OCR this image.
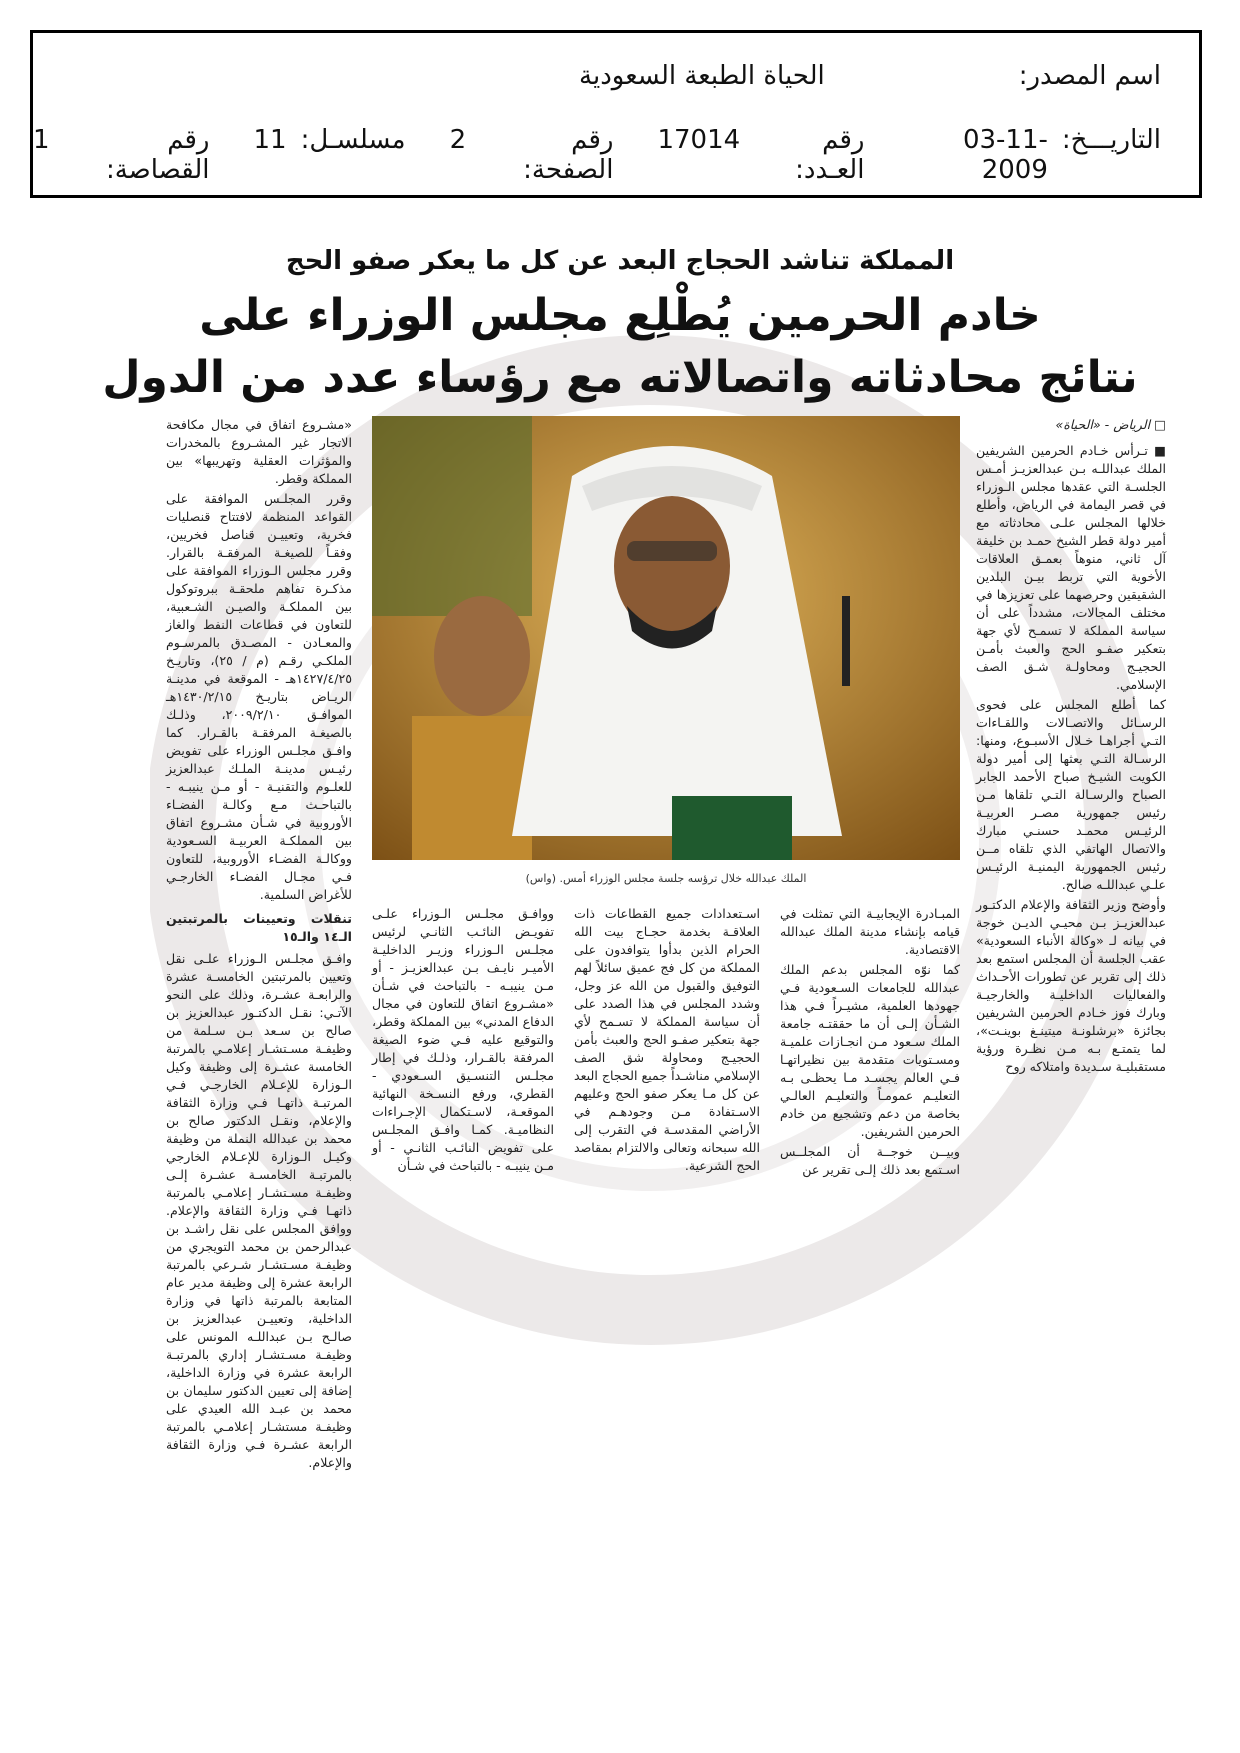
اسم المصدر:
الحياة الطبعة السعودية
التاريـــخ:
03-11-2009
رقم العـدد:
17014
رقم الصفحة:
2
مسلسـل:
11
رقم القصاصة:
1
المملكة تناشد الحجاج البعد عن كل ما يعكر صفو الحج
خادم الحرمين يُطْلِع مجلس الوزراء على
نتائج محادثاته واتصالاته مع رؤساء عدد من الدول
الملك عبدالله خلال ترؤسه جلسة مجلس الوزراء أمس. (واس)
□ الرياض - «الحياة»

■ تـرأس خـادم الحرمين الشريفين الملك عبداللـه بـن عبدالعزيـز أمـس الجلسـة التي عقدها مجلس الـوزراء في قصر اليمامة في الرياض، وأطلع خلالها المجلس علـى محادثاته مع أمير دولة قطر الشيخ حمـد بن خليفة آل ثاني، منوهاً بعمـق العلاقات الأخوية التي تربط بيـن البلدين الشقيقين وحرصهما على تعزيزها في مختلف المجالات، مشدداً على أن سياسة المملكة لا تسمـح لأي جهة بتعكير صفـو الحج والعبث بأمـن الحجيـج ومحاولـة شـق الصف الإسلامي.

كما أطلع المجلس على فحوى الرسـائل والاتصـالات واللقـاءات التـي أجراهـا خـلال الأسبـوع، ومنها: الرسـالة التـي بعثها إلى أمير دولة الكويت الشيـخ صباح الأحمد الجابر الصباح والرسـالة التـي تلقاها مـن رئيس جمهورية مصـر العربيـة الرئيـس محمـد حسنـي مبارك والاتصال الهاتفي الذي تلقاه مــن رئيس الجمهورية اليمنيـة الرئيـس علـي عبداللـه صالح.

وأوضح وزير الثقافة والإعلام الدكتـور عبدالعزيـز بـن محيـي الديـن خوجة في بيانه لـ «وكالة الأنباء السعودية» عقب الجلسة أن المجلس استمع بعد ذلك إلى تقرير عن تطورات الأحـداث والفعاليات الداخليـة والخارجيـة وبارك فوز خـادم الحرمين الشريفين بجائزة «برشلونـة ميتينـغ بوينـت»، لما يتمتـع بـه مـن نظـرة ورؤية مستقبليـة سـديدة وامتلاكه روح

المبـادرة الإيجابيـة التي تمثلت في قيامه بإنشاء مدينة الملك عبدالله الاقتصادية.

كما نوّه المجلس بدعم الملك عبدالله للجامعات السـعودية فـي جهودها العلمية، مشيـراً فـي هذا الشـأن إلـى أن ما حققتـه جامعة الملك سـعود مـن انجـازات علميـة ومسـتويات متقدمة بين نظيراتهـا فـي العالم يجسـد مـا يحظـى بـه التعليـم عمومـاً والتعليـم العالـي بخاصة من دعم وتشجيع من خادم الحرمين الشريفين.

وبيــن خوجــة أن المجلــس اسـتمع بعد ذلك إلـى تقرير عن

اسـتعدادات جميع القطاعات ذات العلاقـة بخدمة حجـاج بيت الله الحرام الذين بدأوا يتوافدون على المملكة من كل فج عميق سائلاً لهم التوفيق والقبول من الله عز وجل، وشدد المجلس في هذا الصدد على أن سياسة المملكة لا تسـمح لأي جهة بتعكير صفـو الحج والعبث بأمن الحجيـج ومحاولة شق الصف الإسلامي مناشـداً جميع الحجاج البعد عن كل مـا يعكر صفو الحج وعليهم الاسـتفادة مـن وجودهـم في الأراضي المقدسـة في التقرب إلى الله سبحانه وتعالى والالتزام بمقاصد الحج الشرعية.

ووافـق مجلـس الـوزراء علـى تفويـض النائـب الثانـي لرئيس مجلـس الـوزراء وزيـر الداخليـة الأميـر نايـف بـن عبدالعزيـز - أو مـن ينيبـه - بالتباحث في شـأن «مشـروع اتفاق للتعاون في مجال الدفاع المدني» بين المملكة وقطر، والتوقيع عليه فـي ضوء الصيغة المرفقة بالقـرار، وذلـك في إطار مجلـس التنسـيق السـعودي - القطري، ورفع النسـخة النهائية الموقعـة، لاسـتكمال الإجـراءات النظاميـة. كمـا وافـق المجلـس على تفويض النائـب الثانـي - أو مـن ينيبـه - بالتباحث في شـأن

«مشـروع اتفاق في مجال مكافحة الاتجار غير المشـروع بالمخدرات والمؤثرات العقلية وتهريبها» بين المملكة وقطر.

وقرر المجلـس الموافقة على القواعد المنظمة لافتتاح قنصليات فخرية، وتعييـن قناصل فخريين، وفقـاً للصيغـة المرفقـة بالقرار. وقرر مجلس الـوزراء الموافقة على مذكـرة تفاهم ملحقـة ببروتوكول بين المملكـة والصيـن الشـعبية، للتعاون في قطاعات النفط والغاز والمعـادن - المصـدق بالمرسـوم الملكـي رقـم (م / ٢٥)، وتاريـخ ١٤٢٧/٤/٢٥هـ - الموقعة في مدينـة الريـاض بتاريـخ ١٤٣٠/٢/١٥هـ الموافـق ٢٠٠٩/٢/١٠، وذلـك بالصيغـة المرفقـة بالقـرار. كما وافـق مجلـس الوزراء على تفويض رئيـس مدينـة الملـك عبدالعزيز للعلـوم والتقنيـة - أو مـن ينيبـه - بالتباحـث مـع وكالـة الفضـاء الأوروبية في شـأن مشـروع اتفاق بين المملكـة العربيـة السـعودية ووكالـة الفضـاء الأوروبية، للتعاون فـي مجـال الفضـاء الخارجـي للأغراض السلمية.

تنقلات وتعيينات بالمرتبتين الـ١٤ والـ١٥

وافـق مجلـس الـوزراء علـى نقل وتعيين بالمرتبتين الخامسـة عشرة والرابعـة عشـرة، وذلك على النحو الآتـي: نقـل الدكتـور عبدالعزيز بن صالح بن سـعد بـن سـلمة من وظيفـة مسـتشـار إعلامـي بالمرتبة الخامسة عشـرة إلى وظيفة وكيل الـوزارة للإعـلام الخارجـي فـي المرتبـة ذاتهـا فـي وزارة الثقافة والإعلام، ونقـل الدكتور صالح بن محمد بن عبدالله النملة من وظيفة وكيـل الـوزارة للإعـلام الخارجي بالمرتبـة الخامسـة عشـرة إلـى وظيفـة مسـتشـار إعلامـي بالمرتبة ذاتهـا فـي وزارة الثقافة والإعلام. ووافق المجلس على نقل راشـد بن عبدالرحمن بن محمد التويجري من وظيفـة مسـتشـار شـرعي بالمرتبة الرابعة عشرة إلى وظيفة مدير عام المتابعة بالمرتبة ذاتها في وزارة الداخلية، وتعييـن عبدالعزيز بن صالـح بـن عبداللـه المونس على وظيفـة مسـتشـار إداري بالمرتبـة الرابعة عشرة في وزارة الداخلية، إضافة إلى تعيين الدكتور سليمان بن محمد بن عبـد الله العيدي على وظيفـة مستشـار إعلامـي بالمرتبة الرابعة عشـرة فـي وزارة الثقافة والإعلام.
